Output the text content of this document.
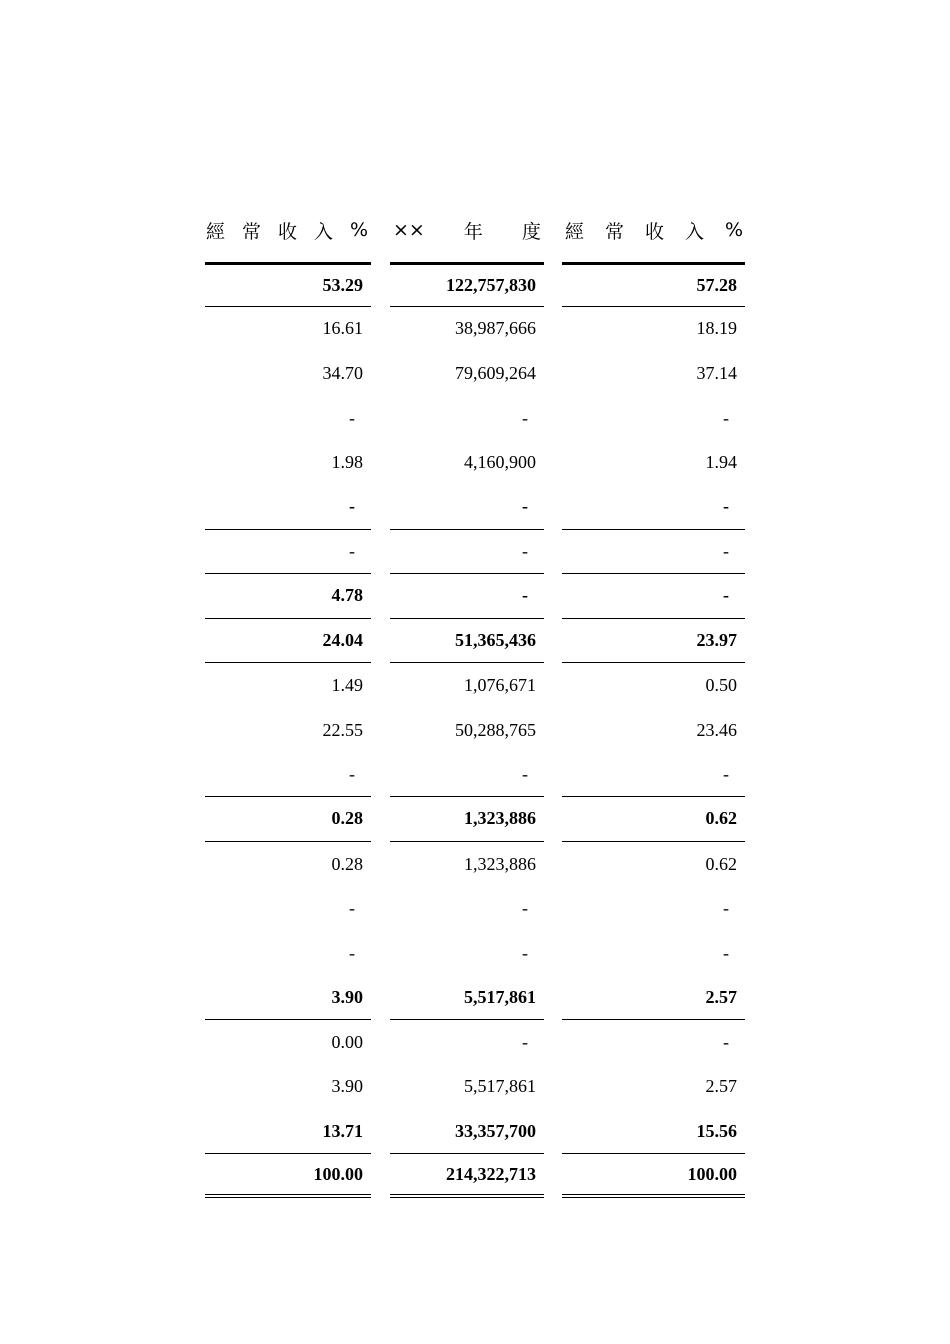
經 常 收 入 % ×× 年 度 經 常 收 入 %
53.29
16.61
34.70
-
1.98
-
-
4.78
24.04
1.49
22.55
-
0.28
0.28
-
-
3.90
0.00
3.90
13.71
100.00
122,757,830
38,987,666
79,609,264
-
4,160,900
-
-
-
51,365,436
1,076,671
50,288,765
-
1,323,886
1,323,886
-
-
5,517,861
-
5,517,861
33,357,700
214,322,713
57.28
18.19
37.14
-
1.94
-
-
-
23.97
0.50
23.46
-
0.62
0.62
-
-
2.57
-
2.57
15.56
100.00
